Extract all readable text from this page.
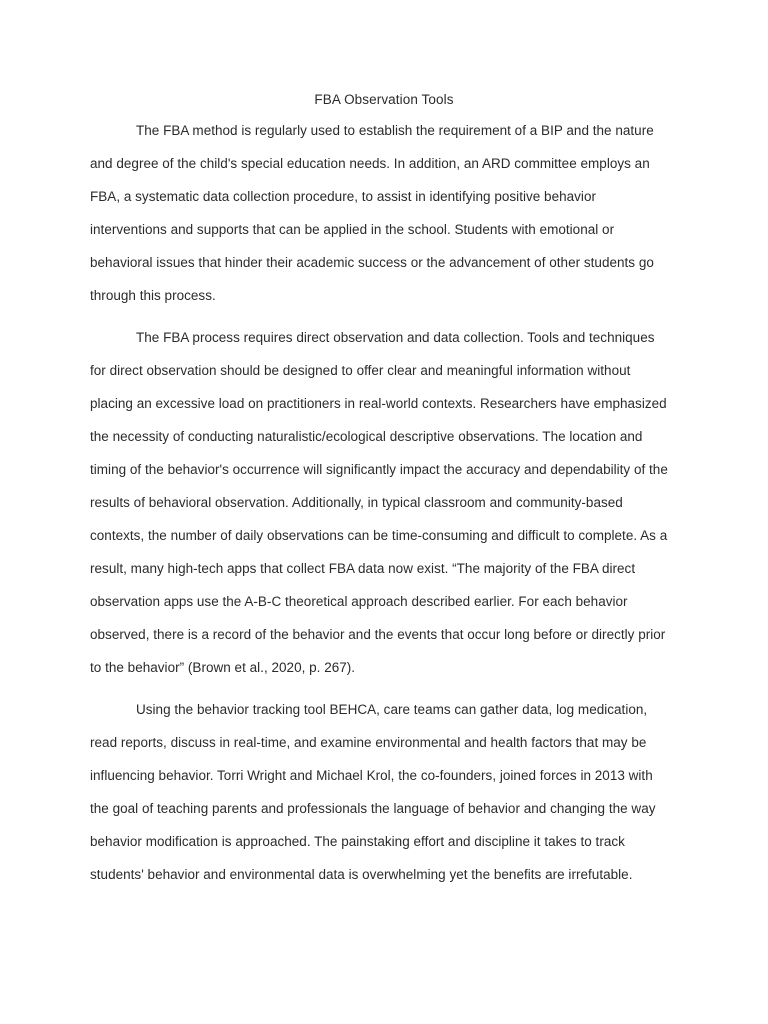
FBA Observation Tools

The FBA method is regularly used to establish the requirement of a BIP and the nature and degree of the child's special education needs. In addition, an ARD committee employs an FBA, a systematic data collection procedure, to assist in identifying positive behavior interventions and supports that can be applied in the school. Students with emotional or behavioral issues that hinder their academic success or the advancement of other students go through this process.

The FBA process requires direct observation and data collection. Tools and techniques for direct observation should be designed to offer clear and meaningful information without placing an excessive load on practitioners in real-world contexts. Researchers have emphasized the necessity of conducting naturalistic/ecological descriptive observations. The location and timing of the behavior's occurrence will significantly impact the accuracy and dependability of the results of behavioral observation. Additionally, in typical classroom and community-based contexts, the number of daily observations can be time-consuming and difficult to complete. As a result, many high-tech apps that collect FBA data now exist. “The majority of the FBA direct observation apps use the A-B-C theoretical approach described earlier. For each behavior observed, there is a record of the behavior and the events that occur long before or directly prior to the behavior” (Brown et al., 2020, p. 267).

Using the behavior tracking tool BEHCA, care teams can gather data, log medication, read reports, discuss in real-time, and examine environmental and health factors that may be influencing behavior. Torri Wright and Michael Krol, the co-founders, joined forces in 2013 with the goal of teaching parents and professionals the language of behavior and changing the way behavior modification is approached. The painstaking effort and discipline it takes to track students' behavior and environmental data is overwhelming yet the benefits are irrefutable.
